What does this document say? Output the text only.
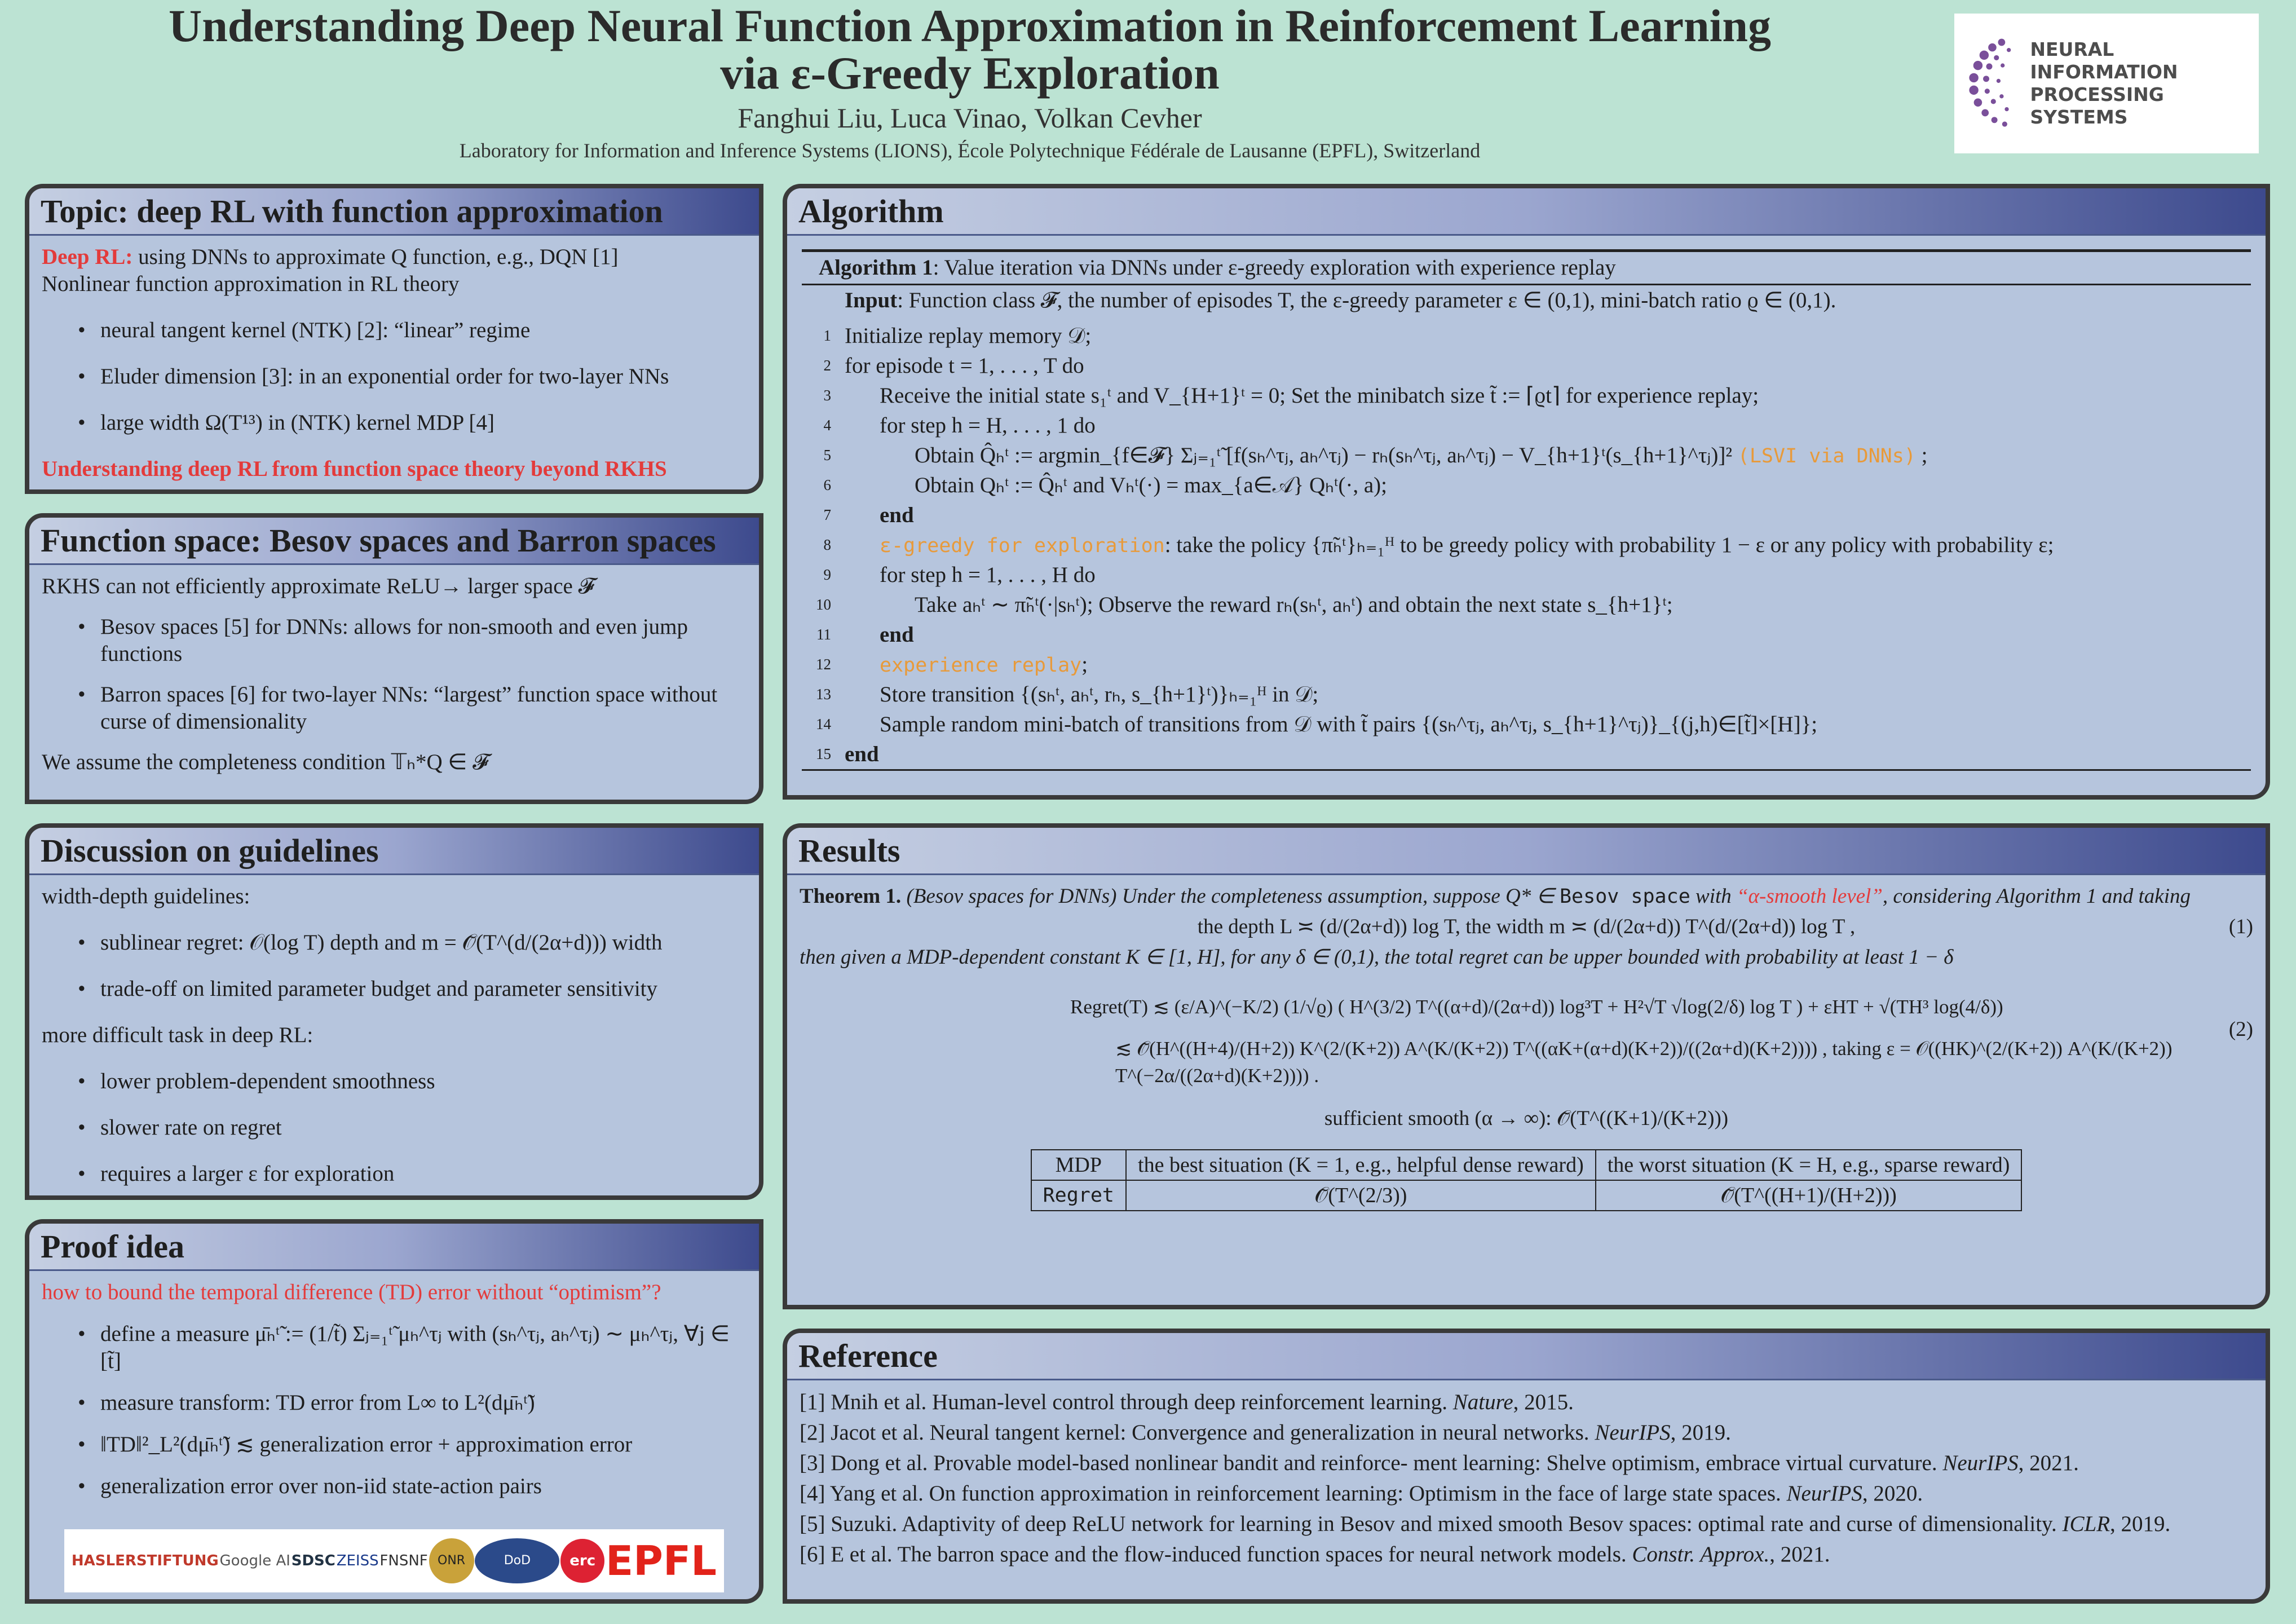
Understanding Deep Neural Function Approximation in Reinforcement Learning
via ε-Greedy Exploration
Fanghui Liu, Luca Vinao, Volkan Cevher
Laboratory for Information and Inference Systems (LIONS), École Polytechnique Fédérale de Lausanne (EPFL), Switzerland
NEURAL INFORMATION
PROCESSING SYSTEMS
Topic: deep RL with function approximation
Deep RL: using DNNs to approximate Q function, e.g., DQN [1]
Nonlinear function approximation in RL theory
• neural tangent kernel (NTK) [2]: “linear” regime
• Eluder dimension [3]: in an exponential order for two-layer NNs
• large width Ω(T¹³) in (NTK) kernel MDP [4]
Understanding deep RL from function space theory beyond RKHS
Function space: Besov spaces and Barron spaces
RKHS can not efficiently approximate ReLU→ larger space 𝓕
• Besov spaces [5] for DNNs: allows for non-smooth and even jump functions
• Barron spaces [6] for two-layer NNs: “largest” function space without curse of dimensionality
We assume the completeness condition 𝕋ₕ*Q ∈ 𝓕
Discussion on guidelines
width-depth guidelines:
• sublinear regret: 𝒪(log T) depth and m = 𝒪̃(T^(d/(2α+d))) width
• trade-off on limited parameter budget and parameter sensitivity
more difficult task in deep RL:
• lower problem-dependent smoothness
• slower rate on regret
• requires a larger ε for exploration
Proof idea
how to bound the temporal difference (TD) error without “optimism”?
• define a measure μ̄ₕᵗ̃ := (1/t̃) Σⱼ₌₁ᵗ̃ μₕ^τⱼ with (sₕ^τⱼ, aₕ^τⱼ) ∼ μₕ^τⱼ, ∀j ∈ [t̃]
• measure transform: TD error from L∞ to L²(dμ̄ₕᵗ̃)
• ‖TD‖²_L²(dμ̄ₕᵗ̃) ≲ generalization error + approximation error
• generalization error over non-iid state-action pairs
HASLERSTIFTUNG Google AI SDSC ZEISS FNSNF ONR	DoD	erc EPFL
Algorithm
Algorithm 1: Value iteration via DNNs under ε-greedy exploration with experience replay
Input: Function class 𝓕, the number of episodes T, the ε-greedy parameter ε ∈ (0,1), mini-batch ratio ϱ ∈ (0,1).
1 Initialize replay memory 𝒟;
2 for episode t = 1, . . . , T do
3 Receive the initial state s₁ᵗ and V_{H+1}ᵗ = 0; Set the minibatch size t̃ := ⌈ϱt⌉ for experience replay;
4 for step h = H, . . . , 1 do
5	Obtain Q̂ₕᵗ := argmin_{f∈𝓕} Σⱼ₌₁ᵗ̃ [f(sₕ^τⱼ, aₕ^τⱼ) − rₕ(sₕ^τⱼ, aₕ^τⱼ) − V_{h+1}ᵗ(s_{h+1}^τⱼ)]² (LSVI via DNNs) ;
6	Obtain Qₕᵗ := Q̂ₕᵗ and Vₕᵗ(·) = max_{a∈𝒜} Qₕᵗ(·, a);
7 end
8 ε-greedy for exploration: take the policy {π̃ₕᵗ}ₕ₌₁ᴴ to be greedy policy with probability 1 − ε or any policy with probability ε;
9 for step h = 1, . . . , H do
10	Take aₕᵗ ∼ π̃ₕᵗ(·|sₕᵗ); Observe the reward rₕ(sₕᵗ, aₕᵗ) and obtain the next state s_{h+1}ᵗ;
11 end
12 experience replay;
13 Store transition {(sₕᵗ, aₕᵗ, rₕ, s_{h+1}ᵗ)}ₕ₌₁ᴴ in 𝒟;
14 Sample random mini-batch of transitions from 𝒟 with t̃ pairs {(sₕ^τⱼ, aₕ^τⱼ, s_{h+1}^τⱼ)}_{(j,h)∈[t̃]×[H]};
15 end
Results
Theorem 1. (Besov spaces for DNNs) Under the completeness assumption, suppose Q* ∈ Besov space with “α-smooth level”, considering Algorithm 1 and taking
the depth L ≍ (d/(2α+d)) log T, the width m ≍ (d/(2α+d)) T^(d/(2α+d)) log T ,	(1)
then given a MDP-dependent constant K ∈ [1, H], for any δ ∈ (0,1), the total regret can be upper bounded with probability at least 1 − δ
Regret(T) ≲ (ε/A)^(−K/2) (1/√ϱ) ( H^(3/2) T^((α+d)/(2α+d)) log³T + H²√T √log(2/δ) log T ) + εHT + √(TH³ log(4/δ))
≲ 𝒪̃(H^((H+4)/(H+2)) K^(2/(K+2)) A^(K/(K+2)) T^((αK+(α+d)(K+2))/((2α+d)(K+2)))) , taking ε = 𝒪((HK)^(2/(K+2)) A^(K/(K+2)) T^(−2α/((2α+d)(K+2)))) .
(2)
sufficient smooth (α → ∞): 𝒪̃(T^((K+1)/(K+2)))
MDP	the best situation (K = 1, e.g., helpful dense reward)	the worst situation (K = H, e.g., sparse reward)
Regret	𝒪̃(T^(2/3))	𝒪̃(T^((H+1)/(H+2)))
Reference

[1] Mnih et al. Human-level control through deep reinforcement learning. Nature, 2015.

[2] Jacot et al. Neural tangent kernel: Convergence and generalization in neural networks. NeurIPS, 2019.

[3] Dong et al. Provable model-based nonlinear bandit and reinforce- ment learning: Shelve optimism, embrace virtual curvature. NeurIPS, 2021.

[4] Yang et al. On function approximation in reinforcement learning: Optimism in the face of large state spaces. NeurIPS, 2020.

[5] Suzuki. Adaptivity of deep ReLU network for learning in Besov and mixed smooth Besov spaces: optimal rate and curse of dimensionality. ICLR, 2019.

[6] E et al. The barron space and the flow-induced function spaces for neural network models. Constr. Approx., 2021.
